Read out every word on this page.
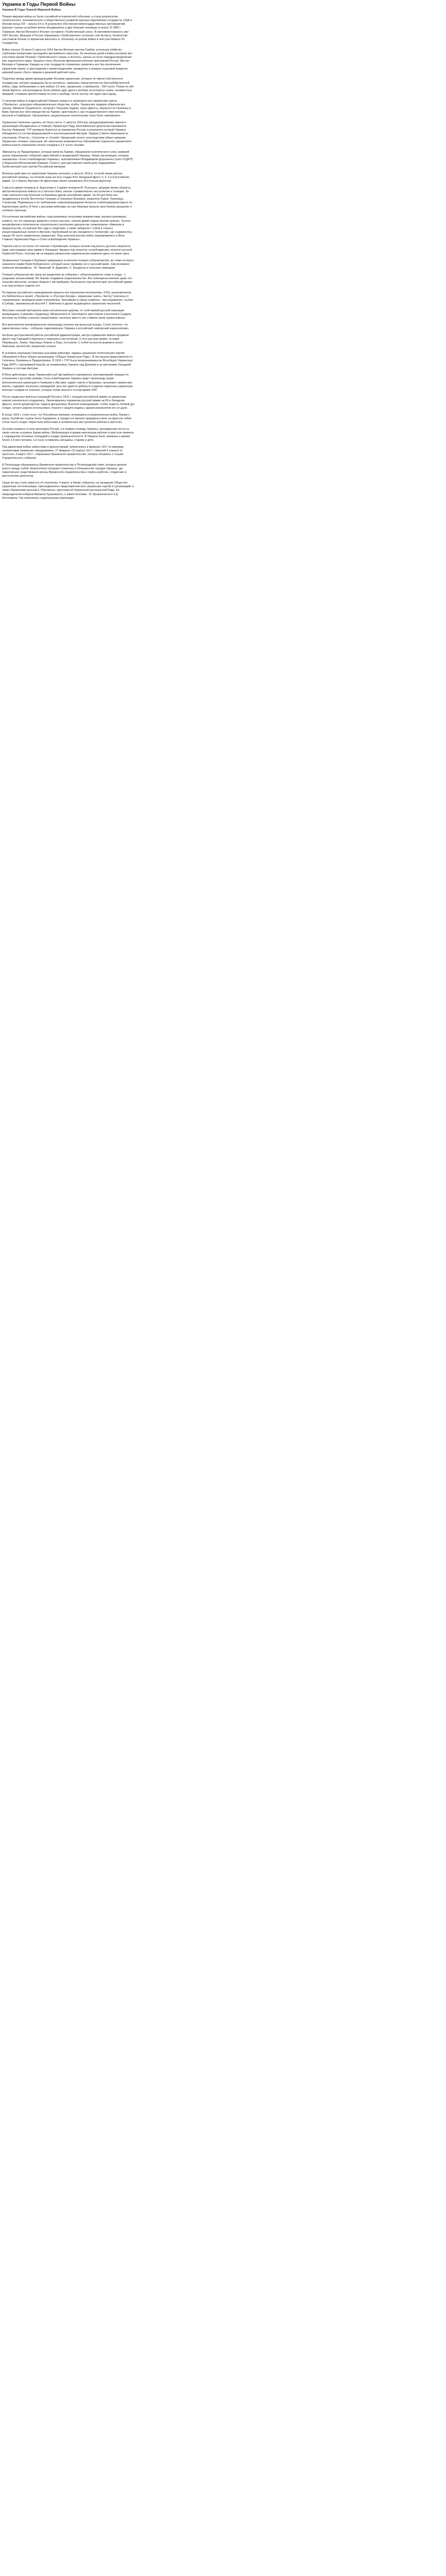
Украина в Годы Первой Войны
Украина В Годы Первой Мировой Войны

Первая мировая война не была случайной исторической событием, а стала результатом политического, экономического и общественного развития крупных европейских государств, США и Японии конца XIX - начала XX в. В результате обострения межгосударственных противоречий, крупные страны на рубеже веков объединились в две большие коалиции (союзы). В 1882 г. Германия, Австро-Венгрия и Италия составили «Тройственный союз». В противоположность ему 1907 Англия, Франция и Россия образовали «Тройственного согласия» или Антанту. Количество участников блоков со временем менялась и, поскольку на разгар войны в ней участвовало 33 государства.

Войну начала 19 июля (1 августа) 1914 Австро-Венгрия против Сербии, используя убийство сербскими патриотами наследника австрийского престола. За несколько дней в войну вступили все участники (кроме Италии) «Тройственного союза» и Антанты. Целью ее было передраспределение уже поделенного мира. Украина стала объектом империалистических притязаний России, Австро-Венгрии и Германии. Каждая из этих государств стремилась захватить все без исключения украинские земли, и присоединив к своим владениям, превратить в аграрно-сырьевой придаток, широкий рынок сбыта товаров и дешевой рабочей силы.

Поделены между двумя враждующими блоками украинские, которые не имели собственного государства, которая защищала бы их интересы, оказались перед пропастью братоубийственной войны. Царь мобилизовал в свое войско 3,5 млн. украинских, а император - 250 тысяч. Попав по обе линии фронта, они вынуждены были убивать друг друга и вообще за интересы чужих, ненавистных империй, стоявших препятствием на пути к свободе, почти тысячу лет ждал наш народ.

С началом войны в подроссийской Украине закрыто и запрещено все украинские газеты. «Просвиты», культурно-образовательные общества, клубы. Украинских лидеров обвиняли все законы. Михаила Грушевского, который с большим трудом, через фронты, вернулся из Галичины в Киев, бросив все свое имущество во Львове, арестовали и, как государственного преступника, выслали в Симбирске. Организовать национальные политические силы было невозможно.

Украинская Галичины сделать это было легче. С августа 1914 все западноукраинские партии и организации объединились в Главную Украинскую Раду, возглавленную депутатом парламента Костем Левицким. ГУР призвала бороться за поражение России, в результате которой Украина объединится в состав федеративной и конституционной Австрии. Лидеры Совета образовали из участников «Пласта», «Соколов» и «Сечей» Украинский легион, впоследствии убрал названия Украинских сечевых стрельцов. Но напуганная возможностью образования отдельного украинского войска власти ограничили легион отрядом в 2,5 тысяч человек.

Эмигранты из Приднепровья, которые жили во Львове, образовали политического союз, взявшей целью образование соборной самостийной и независимой Украины. Новая организация, которая называлась «Союз освобождения Украины», возглавляемая Владимиром Дорошенко (член УСДРП) и Марьяном Меленевский (бывшая «Союз»), для достижения своей цели поддерживал Тройственный союз против Российской империи.

Военные действия на территории Украины начались в августе 1914 р. по всей линии австро-российской границы, на которой сразу же был создан Юго-Западный фронт 3, 4, 5 и 8 российских армий. Со стороны Австрии эти фронтовая линия называлась Восточным фронтом.

5 августа армия генерала А. Брусилова и 3 армия генерала М. Рузьского, прорвав линию обороны австро-венгерского войска на р Золотая Липа, начали стремительное наступление в Галиции. За семи перешли в наступление на Буковину другие российские армии. За 33 дня боев они продвинулись вглубь Восточную Галицию и Северную Буковину, захватили Львов, Черновцы, Станислав, Перемышль и по требованию главнокомандования Антанты стабилизировали фронт по Карпатскому хребту. В боях с русскими войсками на горе Маковка прошли свое боевое крещение и сечевые стрельцы.

Отступление австрийские войска, подстрекаемые польскими шовинистами, распространявших клевету, что это украинцы привели к успеху россиян, начали дикий террор против галичан. Тысячи москвофилов и политически сознательного населения сделали как «изменников» обвинили в предательстве, их казнили без суда и следствия, а также забирали с собой и гнали в концентрационные лагеря в Австрию. Крупнейший из них находился в Талергофе, где содержалось свыше 30 тысяч захваченных украинских. Под натиском русских войск эвакуировались в Вену Главная Украинская Рада и «Союз освобождения Украины».

Горькая участь постигла тех галичан и буковинцев, которые попали под власть русского оккупанта. Царь преследовал свои армии в Западную Украину под лозунгом «освобождения» исконно русской Червоной Руси», поэтому им на каждом украинском национальном развитии здесь не иначе идти.

Захваченные Галицию и Буковину превращено в военное генерал-губернаторство, во главе которого назначено графа Юрия Бобринского, который начал проверку ее в «русский край». Ему всемерно помогали москвофилы - Ю. Яворский, В. Дудкевич, С. Бандасюк и польские помещики.

Генерал-губернаторство сразу же разделили на губернии с губернаторами во главе и уезды - с уездными начальниками. Во Львове создавали градоначальство. Все помещичьи имения, даже тех польских магнатов, которые бежали с австрийцами, были взяты под протекторат российской армии, а из-под которых наделы нет.

По приказу российского командования закрыты все украинские кооперативы, НТШ, разгромленная его библиотека и музей, «Просвита» и «Русская беседа», украинские газеты. Чистку Галичины от «мазепинцев» проводили даже полицейские, бросившие в народ «измены», преследования, ссылки в Сибирь, произвольный мыслей Т. Шевченко и других выдающихся украинских писателей.

Жестоких гонений претерпела греко-католическая церковь, от этой первой русской оккупации превращаясь в церковь-страдалицу. Митрополита А. Шептицкого арестовали и выслали в Суздаль, выслали за Сибирь и многих священников, насильно вместо них ставили своих православных.

Вся многолетняя москвофильская пропаганда лопнула как мыльный пузырь. Стало понятно, что единственные силы - соборная «единоверная» Украина и российский «имперский национализм».

На фоне деструктивной работы российской администрации, австро-германские войска прорвали фронт под Горлицей в Карпатах и перешли в наступление. К лету русская армия, оставив Перемышль, Львов, Черновцы, Ковель и Луцк, отступила. С собой на восток вывезено много беженцев, ценностей, украинских ученых.

В условиях оккупации Галичины русскими войсками, лидеры украинских политических партий образовали в Вене общую организацию «Общую Украинскую Раду». В нее вошли представители от Галичины, Буковины и Приднепровья. В 1915 г. ГУР была реорганизована во Всеобщую Украинскую Раду (ВУР) с программой борьбы за независимую Украину над Днепром и за автономию Западной Украины в составе Австрии.

В Вене действовал также Украинский клуб австрийского парламента, возглавлявший позицию по отношению к русскому режиму. Союз освобождения Украины ведет пропаганду среди военнопленных украинцев в Германии и Австрии, издает газеты и брошюры, организует украинские школы, содержит несколько учреждений. Для них удается добиться создания отдельных украинских военных отрядов из пленных, которые позже вошли в состав армии УНР.

После неудачных военных операций России в 1915 г. позиции российской армии на украинских землях значительно ухудшились. Увеличивались поражения русской армии на Юго-Западном фронте, росла дезертирство, падала дисциплина. Военное командование, чтобы поднять боевой дух солдат, начало широко использовать лозунги о защите родины, однако результатов это не дало.

В конце 1916 г. стало ясно, что Российская империя, втянувшись в изнурительную войну, близка к краху. Хозяйство страны было подорвано, в городах не хватало продовольствия, на фронтах гибли сотни тысяч солдат. Нарастали забастовки и антивоенные выступления рабочих и крестьян.

На гране развала стояла экономика России, а в первую очередь Украины, вынужденная нести на своих плечах основное бремя войны. Мобилизация в армию миллионов рабочих и крестьян привела к сокращению посевных площадей и упадку промышленности. В Украине было призвано в армию более 3,5 млн человек, а в тылу оставались женщины, старики и дети.

Под давлением войны забастовки и демонстраций, прокатились в феврале 1917 по империи, ознаменовав свержение самодержавия. 27 февраля (12 марта) 1917 г. Николай II отрекся от престола. 3 марта 1917 г. образовано Временное правительство, которое объявило о созыве Учредительного собрания.

В Петрограде образовалось Временное правительство и Петроградский совет, которые делили власть между собой. Аналогичная ситуация сложилась в большинстве городов Украины, где параллельно существовали органы Временного правительства и советы рабочих, солдатских и крестьянских депутатов.

Сразу же как стало известно об отречении, 4 марта, в Киеве собралось на заседание Общество украинских постепеновцев, присоединились представители всех украинских партий и организаций, а также Украинский научный и «Просвиты» пресловутой Украинской Центральной Рады. Ее председателем избрали Михаила Грушевского, а заместителями - Ф. Крыжановского и Д. Антоновича. Так начиналась национальная революция.
